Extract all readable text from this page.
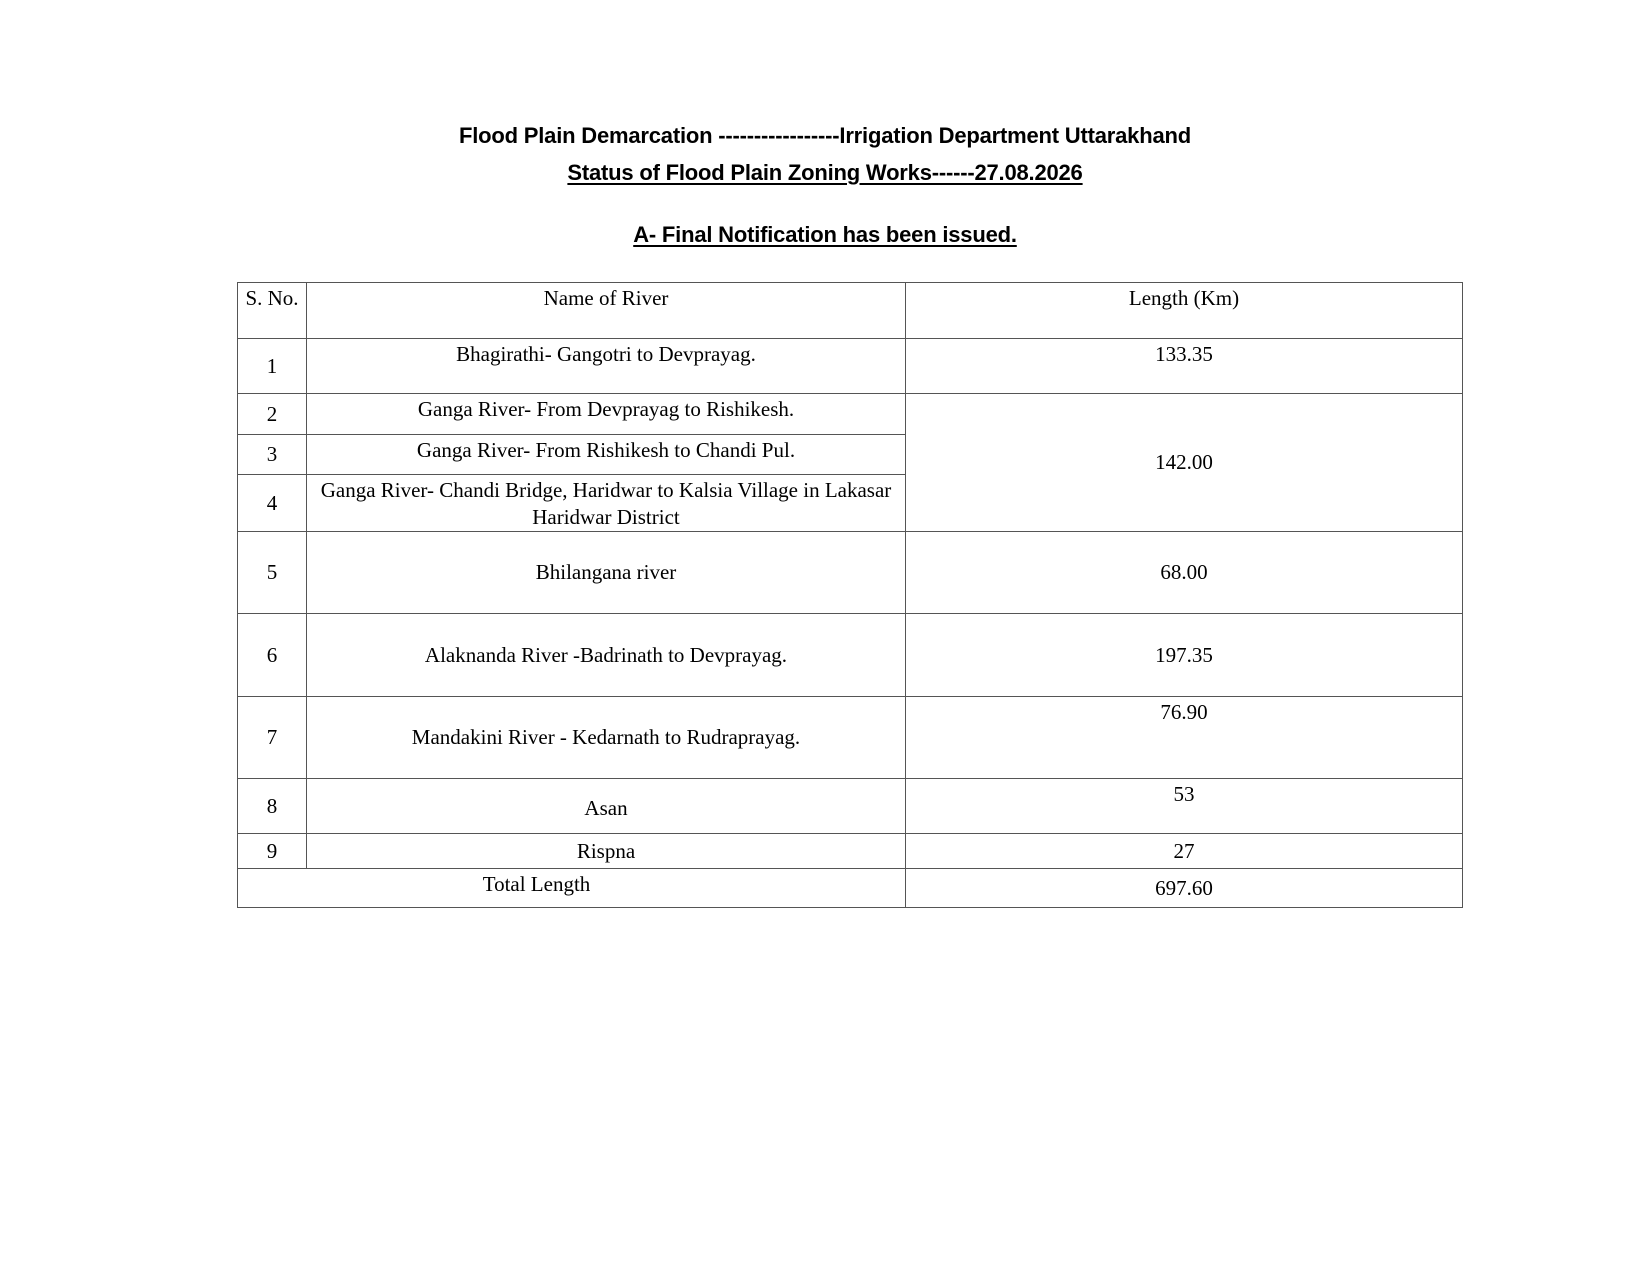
Flood Plain Demarcation -----------------Irrigation Department Uttarakhand
Status of Flood Plain Zoning Works------27.08.2026
A- Final Notification has been issued.
S. No.	Name of River	Length (Km)
1	Bhagirathi- Gangotri to Devprayag.	133.35
2	Ganga River- From Devprayag to Rishikesh.	142.00
3	Ganga River- From Rishikesh to Chandi Pul.	
4	Ganga River- Chandi Bridge, Haridwar to Kalsia Village in Lakasar Haridwar District	
5	Bhilangana river	68.00
6	Alaknanda River -Badrinath to Devprayag.	197.35
7	Mandakini River - Kedarnath to Rudraprayag.	76.90
8	Asan	53
9	Rispna	27
Total Length		697.60
